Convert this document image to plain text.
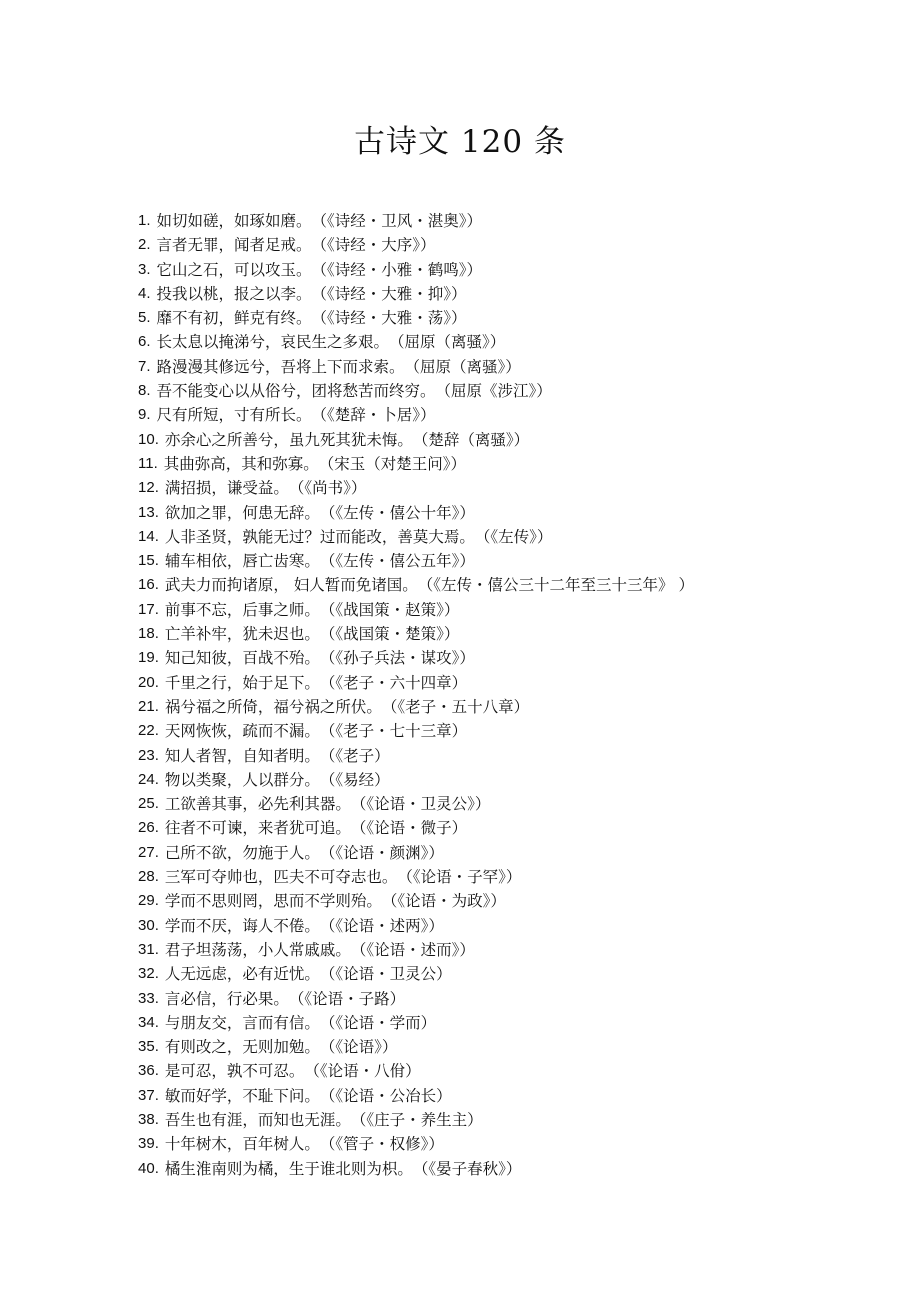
古诗文 120 条
1 . 如切如磋，如琢如磨。 （《诗经・卫风・湛奥》）
2 . 言者无罪，闻者足戒。 （《诗经・大序》）
3 . 它山之石，可以攻玉。 （《诗经・小雅・鹤鸣》）
4 . 投我以桃，报之以李。 （《诗经・大雅・抑》）
5 . 靡不有初，鲜克有终。 （《诗经・大雅・荡》）
6 . 长太息以掩涕兮，哀民生之多艰。 （屈原（离骚》）
7 . 路漫漫其修远兮，吾将上下而求索。 （屈原（离骚》）
8 . 吾不能变心以从俗兮，团将愁苦而终穷。 （屈原《涉江》）
9 . 尺有所短，寸有所长。 （《楚辞・卜居》）
10 . 亦余心之所善兮，虽九死其犹未悔。 （楚辞（离骚》）
11 . 其曲弥高，其和弥寡。 （宋玉（对楚王问》）
12 . 满招损，谦受益。 （《尚书》）
13 . 欲加之罪，何患无辞。 （《左传・僖公十年》）
14 . 人非圣贤，孰能无过？过而能改，善莫大焉。 （《左传》）
15 . 辅车相依，唇亡齿寒。 （《左传・僖公五年》）
16 . 武夫力而拘诸原， 妇人暂而免诸国。 （《左传・僖公三十二年至三十三年》 ）
17 . 前事不忘，后事之师。 （《战国策・赵策》）
18 . 亡羊补牢，犹未迟也。 （《战国策・楚策》）
19 . 知己知彼，百战不殆。 （《孙子兵法・谋攻》）
20 . 千里之行，始于足下。 （《老子・六十四章）
21 . 祸兮福之所倚，福兮祸之所伏。 （《老子・五十八章）
22 . 天网恢恢，疏而不漏。 （《老子・七十三章）
23 . 知人者智，自知者明。 （《老子）
24 . 物以类聚，人以群分。 （《易经）
25 . 工欲善其事，必先利其器。 （《论语・卫灵公》）
26 . 往者不可谏，来者犹可追。 （《论语・微子）
27 . 己所不欲，勿施于人。 （《论语・颜渊》）
28 . 三军可夺帅也，匹夫不可夺志也。 （《论语・子罕》）
29 . 学而不思则罔，思而不学则殆。 （《论语・为政》）
30 . 学而不厌，诲人不倦。 （《论语・述两》）
31 . 君子坦荡荡，小人常戚戚。 （《论语・述而》）
32 . 人无远虑，必有近忧。 （《论语・卫灵公）
33 . 言必信，行必果。 （《论语・子路）
34 . 与朋友交，言而有信。 （《论语・学而）
35 . 有则改之，无则加勉。 （《论语》）
36 . 是可忍，孰不可忍。 （《论语・八佾）
37 . 敏而好学，不耻下问。 （《论语・公冶长）
38 . 吾生也有涯，而知也无涯。 （《庄子・养生主）
39 . 十年树木，百年树人。 （《管子・权修》）
40 . 橘生淮南则为橘，生于谁北则为枳。 （《晏子春秋》）
